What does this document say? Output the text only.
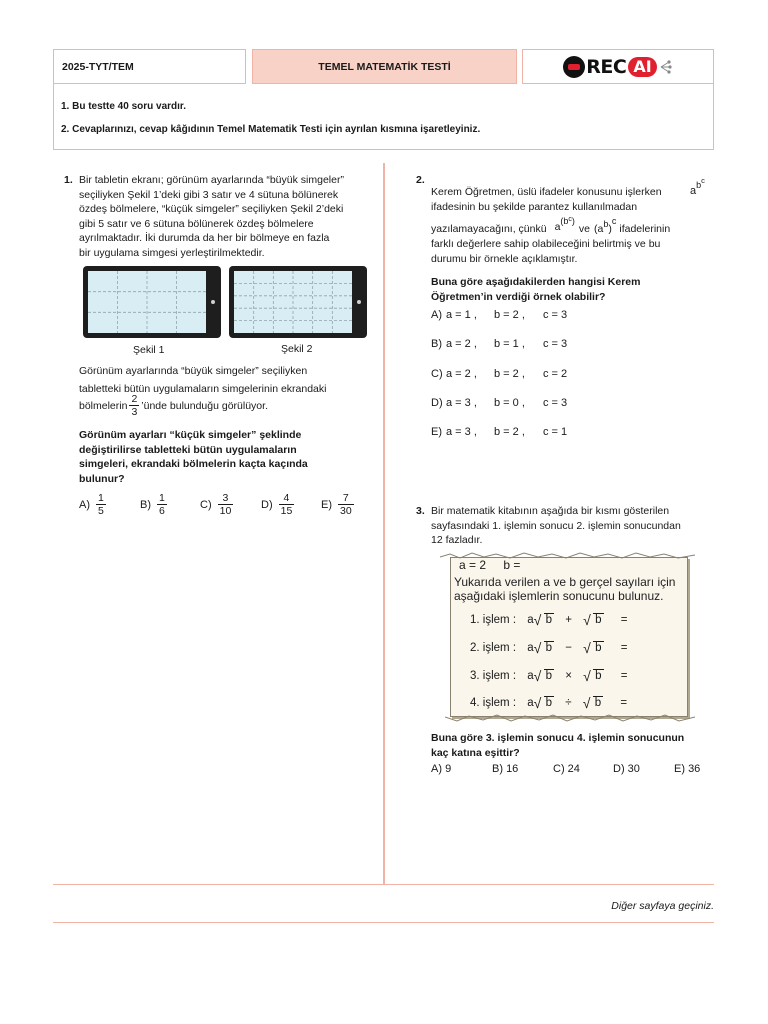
2025-TYT/TEM	TEMEL MATEMATİK TESTİ	REC AI
1. Bu testte 40 soru vardır.
2. Cevaplarınızı, cevap kâğıdının Temel Matematik Testi için ayrılan kısmına işaretleyiniz.
1. Bir tabletin ekranı; görünüm ayarlarında “büyük simgeler”
seçiliyken Şekil 1’deki gibi 3 satır ve 4 sütuna bölünerek
özdeş bölmelere, “küçük simgeler” seçiliyken Şekil 2’deki
gibi 5 satır ve 6 sütuna bölünerek özdeş bölmelere
ayrılmaktadır. İki durumda da her bir bölmeye en fazla
bir uygulama simgesi yerleştirilmektedir.
Şekil 1	Şekil 2
Görünüm ayarlarında “büyük simgeler” seçiliyken
tabletteki bütün uygulamaların simgelerinin ekrandaki
bölmelerin $\frac{2}{3}$ ’ünde bulunduğu görülüyor.
Görünüm ayarları “küçük simgeler” şeklinde
değiştirilirse tabletteki bütün uygulamaların
simgeleri, ekrandaki bölmelerin kaçta kaçında
bulunur?
$A) \frac{1}{5}$	$B) \frac{1}{6}$	$C) \frac{3}{10}$	$D) \frac{4}{15} E) \frac{7}{30}$
2.
Kerem Öğretmen, üslü ifadeler konusunu işlerken	$ab^c$
ifadesinin bu şekilde parantez kullanılmadan
yazılamayacağını, çünkü $a(b^c)$
ve (ab)c
ifadelerinin
farklı değerlere sahip olabileceğini belirtmiş ve bu
durumu bir örnekle açıklamıştır.
Buna göre aşağıdakilerden hangisi Kerem
Öğretmen’in verdiği örnek olabilir?
A) a = 1 , b = 2 , c = 3
B) a = 2 , b = 1 , c = 3
C) a = 2 , b = 2 , c = 2
D) a = 3 , b = 0 , c = 3
E) a = 3 , b = 2 , c = 1
3. Bir matematik kitabının aşağıda bir kısmı gösterilen
sayfasındaki 1. işlemin sonucu 2. işlemin sonucundan
12 fazladır.
a = 2 b =
Yukarıda verilen a ve b gerçel sayıları için
aşağıdaki işlemlerin sonucunu bulunuz.
1. işlem : a √ b + √ b =
2. işlem : a √ b − √ b =
3. işlem : a √ b × √ b =
4. işlem : a √ b ÷ √ b =
Buna göre 3. işlemin sonucu 4. işlemin sonucunun
kaç katına eşittir?
A) 9	B) 16	C) 24	D) 30	E) 36
Diğer sayfaya geçiniz.
